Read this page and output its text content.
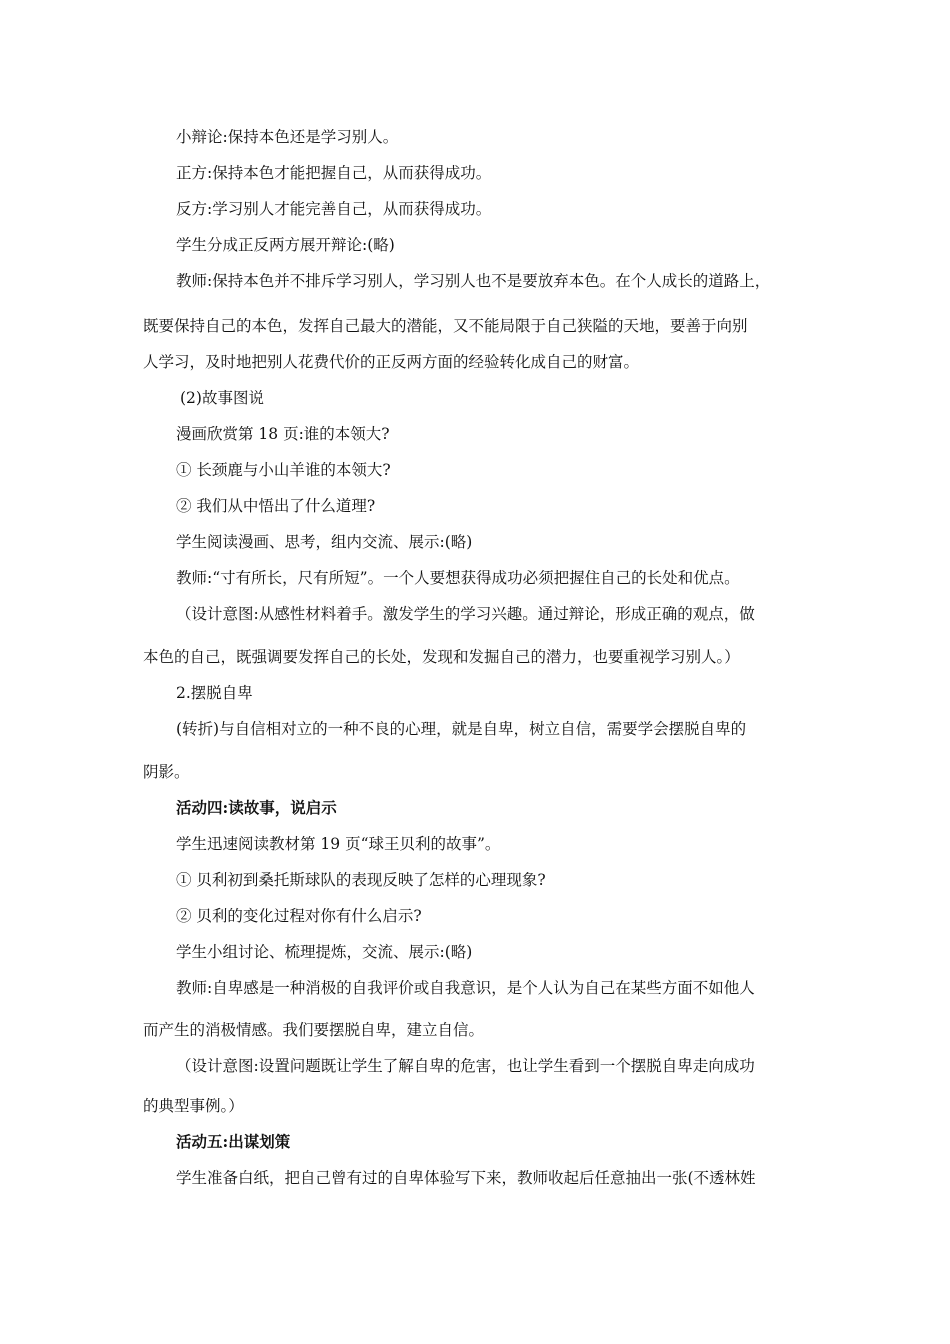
小辩论:保持本色还是学习别人。
正方:保持本色才能把握自己，从而获得成功。
反方:学习别人才能完善自己，从而获得成功。
学生分成正反两方展开辩论:(略)
教师:保持本色并不排斥学习别人，学习别人也不是要放弃本色。在个人成长的道路上，
既要保持自己的本色，发挥自己最大的潜能，又不能局限于自己狭隘的天地，要善于向别
人学习，及时地把别人花费代价的正反两方面的经验转化成自己的财富。
(2)故事图说
漫画欣赏第 18 页:谁的本领大?
① 长颈鹿与小山羊谁的本领大?
② 我们从中悟出了什么道理?
学生阅读漫画、思考，组内交流、展示:(略)
教师:“寸有所长，尺有所短”。一个人要想获得成功必须把握住自己的长处和优点。
（设计意图:从感性材料着手。激发学生的学习兴趣。通过辩论，形成正确的观点，做
本色的自己，既强调要发挥自己的长处，发现和发掘自己的潜力，也要重视学习别人。）
2.摆脱自卑
(转折)与自信相对立的一种不良的心理，就是自卑，树立自信，需要学会摆脱自卑的
阴影。
活动四:读故事，说启示
学生迅速阅读教材第 19 页“球王贝利的故事”。
① 贝利初到桑托斯球队的表现反映了怎样的心理现象?
② 贝利的变化过程对你有什么启示?
学生小组讨论、梳理提炼，交流、展示:(略)
教师:自卑感是一种消极的自我评价或自我意识，是个人认为自己在某些方面不如他人
而产生的消极情感。我们要摆脱自卑，建立自信。
（设计意图:设置问题既让学生了解自卑的危害，也让学生看到一个摆脱自卑走向成功
的典型事例。）
活动五:出谋划策
学生准备白纸，把自己曾有过的自卑体验写下来，教师收起后任意抽出一张(不透林姓
